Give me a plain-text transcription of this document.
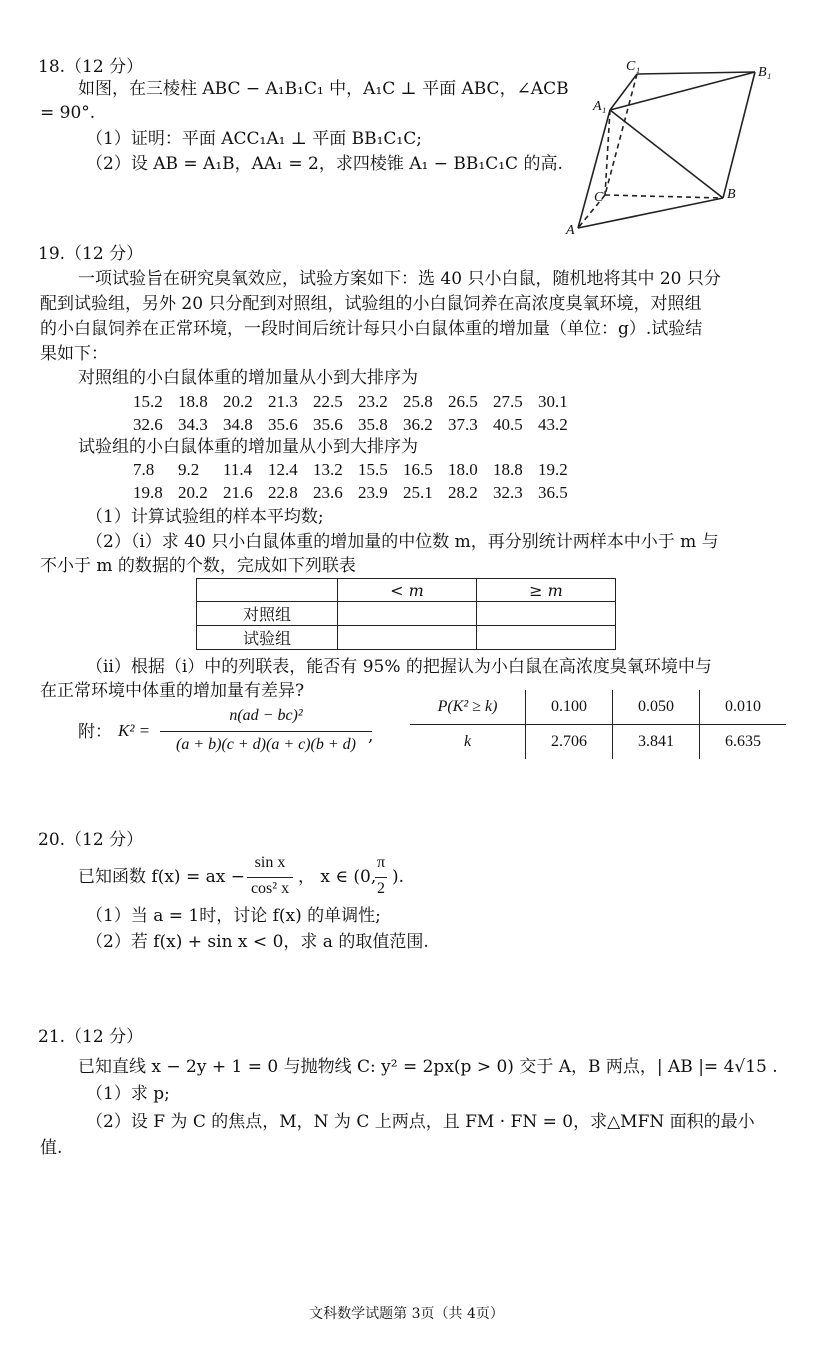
18.（12 分）
如图，在三棱柱 ABC − A₁B₁C₁ 中，A₁C ⊥ 平面 ABC，∠ACB
= 90°.
（1）证明：平面 ACC₁A₁ ⊥ 平面 BB₁C₁C;
（2）设 AB = A₁B，AA₁ = 2，求四棱锥 A₁ − BB₁C₁C 的高.
C₁	B₁
A₁
C	B
A
19.（12 分）
一项试验旨在研究臭氧效应，试验方案如下：选 40 只小白鼠，随机地将其中 20 只分
配到试验组，另外 20 只分配到对照组，试验组的小白鼠饲养在高浓度臭氧环境，对照组
的小白鼠饲养在正常环境，一段时间后统计每只小白鼠体重的增加量（单位：g）.试验结
果如下：
对照组的小白鼠体重的增加量从小到大排序为
15.2 18.8 20.2 21.3 22.5 23.2 25.8 26.5 27.5 30.1
32.6 34.3 34.8 35.6 35.6 35.8 36.2 37.3 40.5 43.2
试验组的小白鼠体重的增加量从小到大排序为
7.8 9.2 11.4 12.4 13.2 15.5 16.5 18.0 18.8 19.2
19.8 20.2 21.6 22.8 23.6 23.9 25.1 28.2 32.3 36.5
（1）计算试验组的样本平均数;
（2）（ⅰ）求 40 只小白鼠体重的增加量的中位数 m，再分别统计两样本中小于 m 与
不小于 m 的数据的个数，完成如下列联表
	< m	≥ m
对照组		
试验组		
（ⅱ）根据（i）中的列联表，能否有 95% 的把握认为小白鼠在高浓度臭氧环境中与
在正常环境中体重的增加量有差异?
附： K² =
n(ad − bc)²
(a + b)(c + d)(a + c)(b + d) ,
P(K² ≥ k)	0.100	0.050	0.010
k	2.706	3.841	6.635
20.（12 分）
已知函数 f(x) = ax −
sin x
cos² x
， x ∈ (0,
π
2
).
（1）当 a = 1时，讨论 f(x) 的单调性;
（2）若 f(x) + sin x < 0，求 a 的取值范围.
21.（12 分）
已知直线 x − 2y + 1 = 0 与抛物线 C: y² = 2px(p > 0) 交于 A，B 两点，| AB |= 4√15 .
（1）求 p;
（2）设 F 为 C 的焦点，M，N 为 C 上两点，且 FM · FN = 0，求△MFN 面积的最小
值.
文科数学试题第 3页（共 4页）
